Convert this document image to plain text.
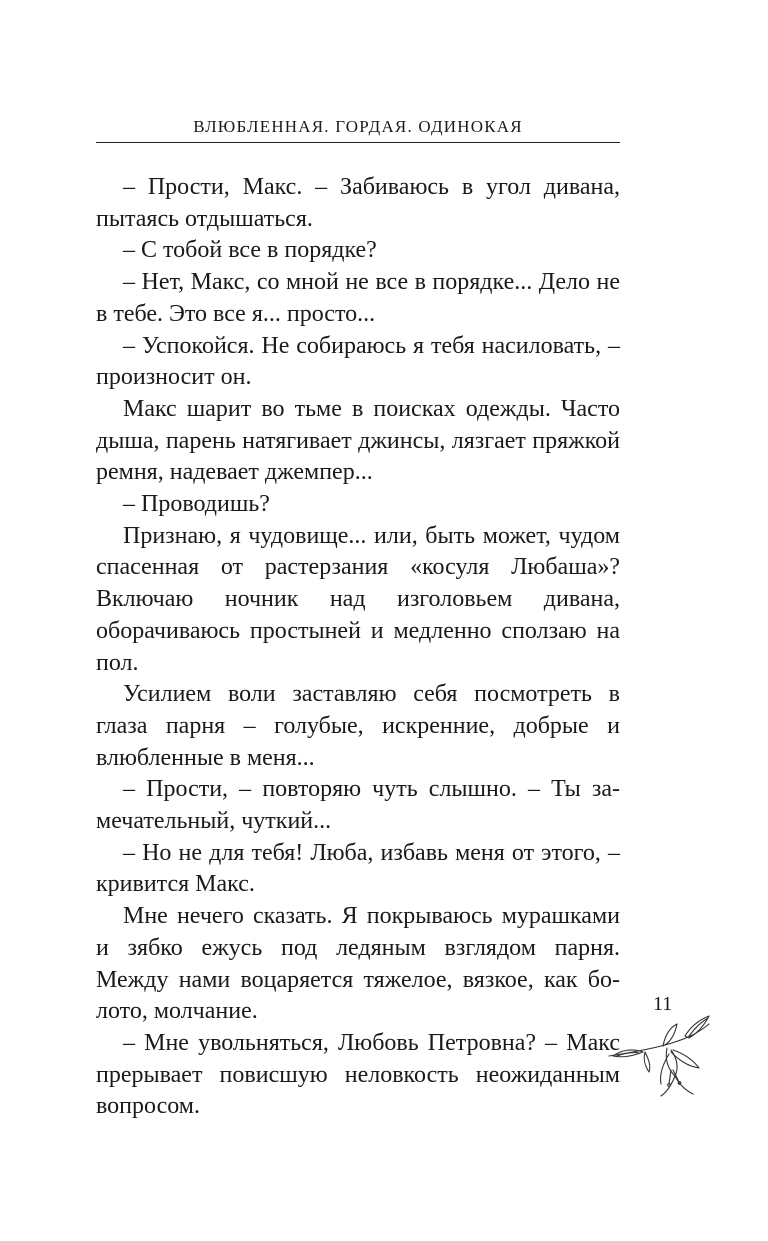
ВЛЮБЛЕННАЯ. ГОРДАЯ. ОДИНОКАЯ

– Прости, Макс. – Забиваюсь в угол дивана, пытаясь отдышаться.

– С тобой все в порядке?

– Нет, Макс, со мной не все в порядке... Дело не в тебе. Это все я... просто...

– Успокойся. Не собираюсь я тебя насиловать, – произносит он.

Макс шарит во тьме в поисках одежды. Часто дыша, парень натягивает джинсы, лязгает пряжкой ремня, надевает джемпер...

– Проводишь?

Признаю, я чудовище... или, быть может, чудом спасенная от растерзания «косуля Любаша»? Включаю ночник над изголовьем дивана, оборачиваюсь простыней и медленно сползаю на пол.

Усилием воли заставляю себя посмотреть в глаза парня – голубые, искренние, добрые и влюбленные в меня...

– Прости, – повторяю чуть слышно. – Ты замечательный, чуткий...

– Но не для тебя! Люба, избавь меня от этого, – кривится Макс.

Мне нечего сказать. Я покрываюсь мурашками и зябко ежусь под ледяным взглядом парня. Между нами воцаряется тяжелое, вязкое, как болото, молчание.

– Мне увольняться, Любовь Петровна? – Макс прерывает повисшую неловкость неожиданным вопросом.

11
